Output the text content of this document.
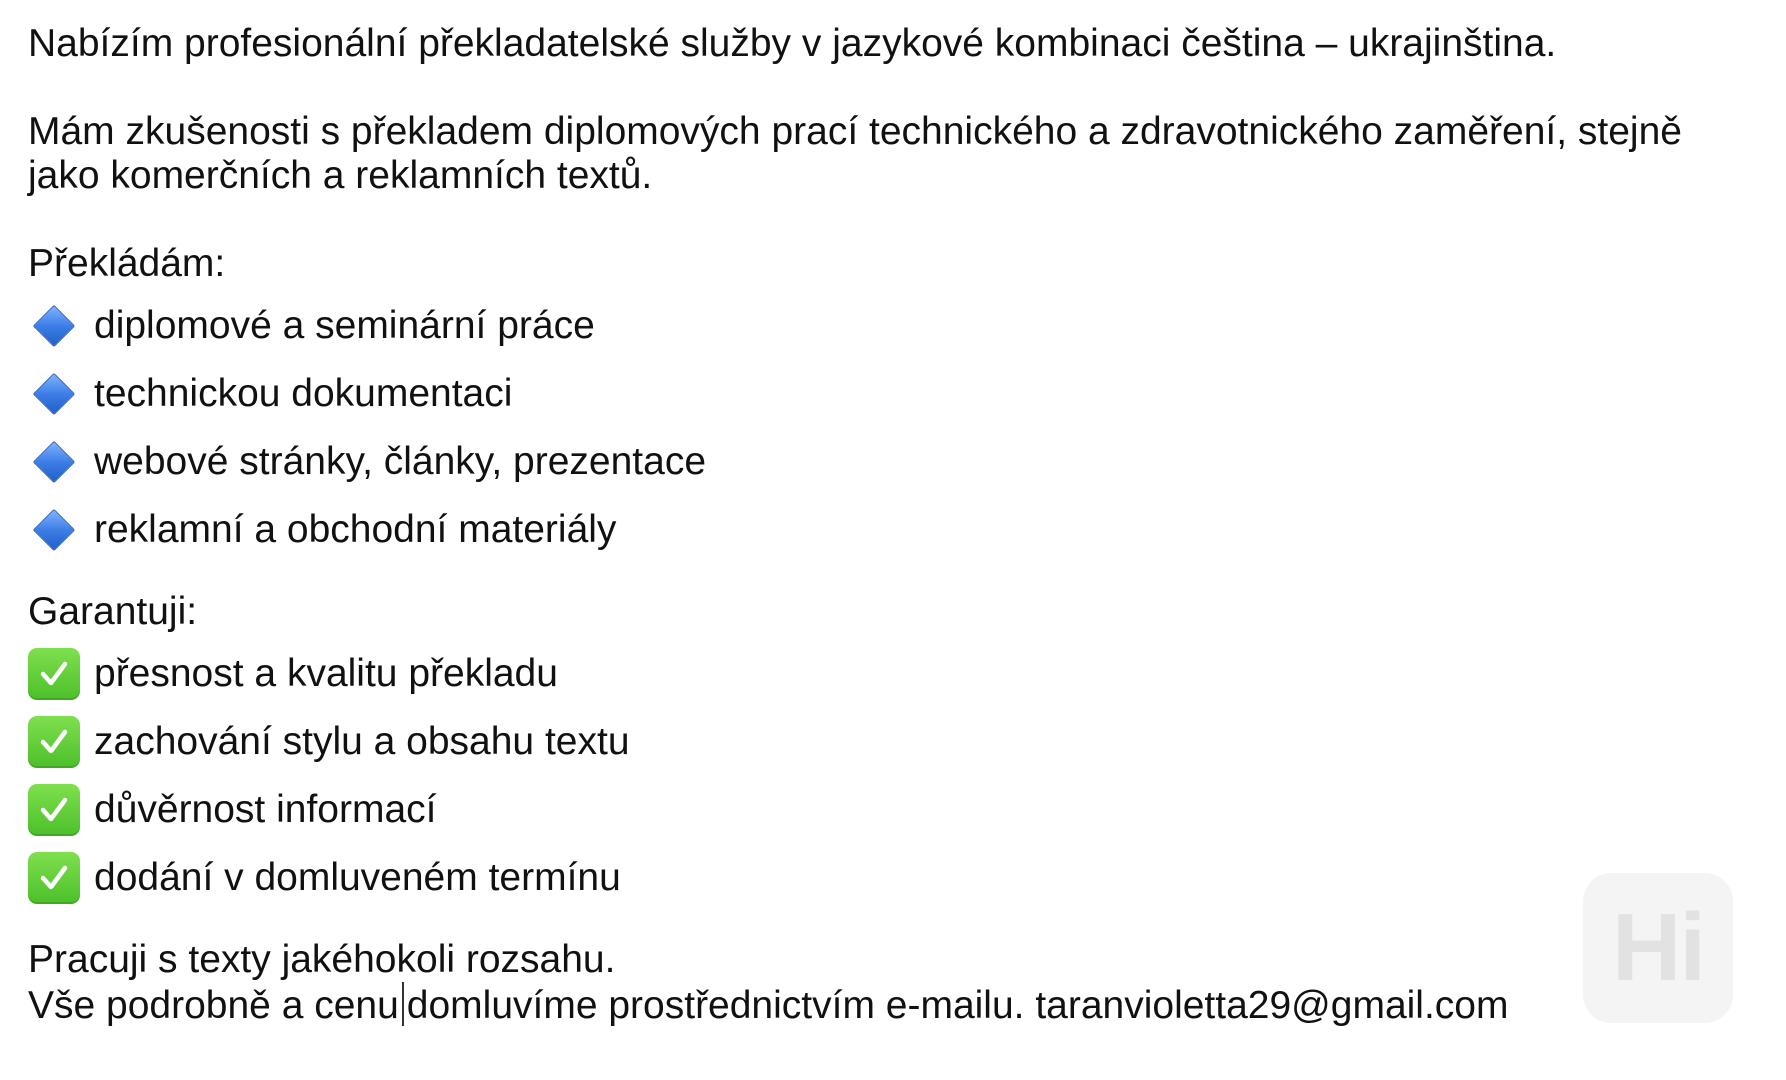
Nabízím profesionální překladatelské služby v jazykové kombinaci čeština – ukrajinština.

Mám zkušenosti s překladem diplomových prací technického a zdravotnického zaměření, stejně

jako komerčních a reklamních textů.

Překládám:

diplomové a seminární práce
technickou dokumentaci
webové stránky, články, prezentace
reklamní a obchodní materiály

Garantuji:

přesnost a kvalitu překladu
zachování stylu a obsahu textu
důvěrnost informací
dodání v domluveném termínu

Pracuji s texty jakéhokoli rozsahu.

Vše podrobně a cenu domluvíme prostřednictvím e-mailu. taranvioletta29@gmail.com

Hi
